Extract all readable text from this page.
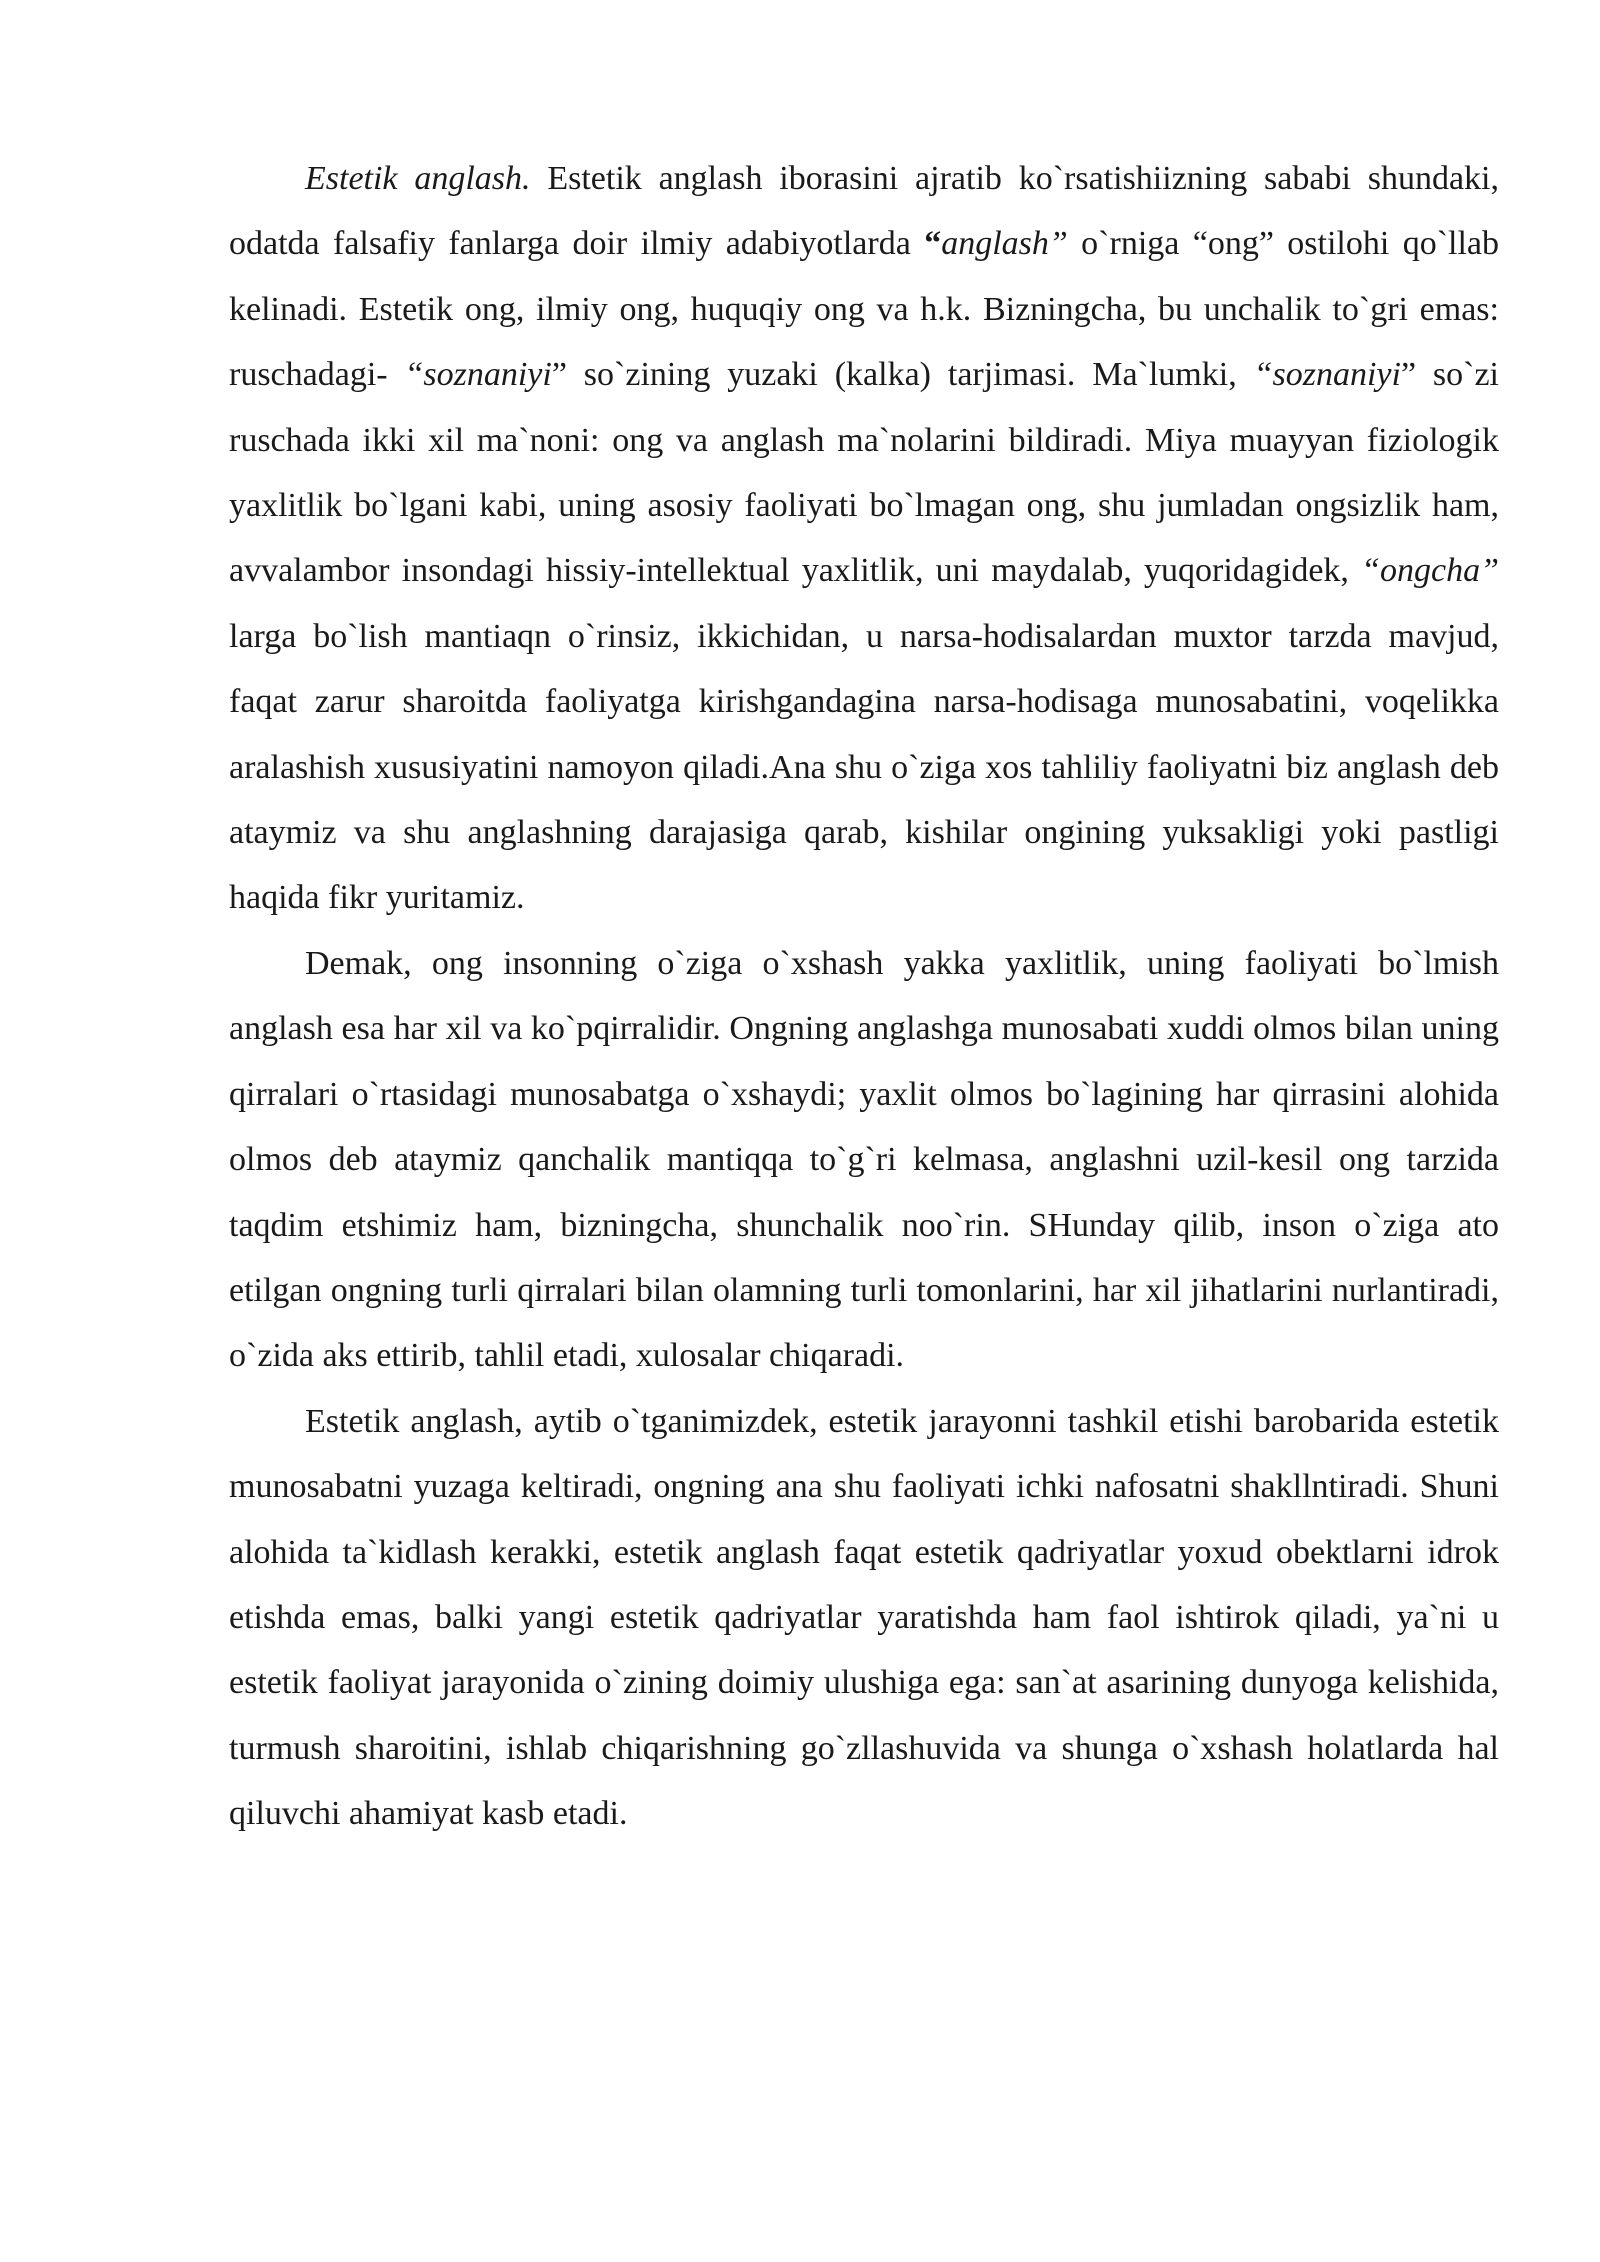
Estetik anglash. Estetik anglash iborasini ajratib ko`rsatishiizning sababi shundaki, odatda falsafiy fanlarga doir ilmiy adabiyotlarda “anglash” o`rniga “ong” ostilohi qo`llab kelinadi. Estetik ong, ilmiy ong, huquqiy ong va h.k. Bizningcha, bu unchalik to`gri emas: ruschadagi- “soznaniyi” so`zining yuzaki (kalka) tarjimasi. Ma`lumki, “soznaniyi” so`zi ruschada ikki xil ma`noni: ong va anglash ma`nolarini bildiradi. Miya muayyan fiziologik yaxlitlik bo`lgani kabi, uning asosiy faoliyati bo`lmagan ong, shu jumladan ongsizlik ham, avvalambor insondagi hissiy-intellektual yaxlitlik, uni maydalab, yuqoridagidek, “ongcha” larga bo`lish mantiaqn o`rinsiz, ikkichidan, u narsa-hodisalardan muxtor tarzda mavjud, faqat zarur sharoitda faoliyatga kirishgandagina narsa-hodisaga munosabatini, voqelikka aralashish xususiyatini namoyon qiladi.Ana shu o`ziga xos tahliliy faoliyatni biz anglash deb ataymiz va shu anglashning darajasiga qarab, kishilar ongining yuksakligi yoki pastligi haqida fikr yuritamiz.

Demak, ong insonning o`ziga o`xshash yakka yaxlitlik, uning faoliyati bo`lmish anglash esa har xil va ko`pqirralidir. Ongning anglashga munosabati xuddi olmos bilan uning qirralari o`rtasidagi munosabatga o`xshaydi; yaxlit olmos bo`lagining har qirrasini alohida olmos deb ataymiz qanchalik mantiqqa to`g`ri kelmasa, anglashni uzil-kesil ong tarzida taqdim etshimiz ham, bizningcha, shunchalik noo`rin. SHunday qilib, inson o`ziga ato etilgan ongning turli qirralari bilan olamning turli tomonlarini, har xil jihatlarini nurlantiradi, o`zida aks ettirib, tahlil etadi, xulosalar chiqaradi.

Estetik anglash, aytib o`tganimizdek, estetik jarayonni tashkil etishi barobarida estetik munosabatni yuzaga keltiradi, ongning ana shu faoliyati ichki nafosatni shakllntiradi. Shuni alohida ta`kidlash kerakki, estetik anglash faqat estetik qadriyatlar yoxud obektlarni idrok etishda emas, balki yangi estetik qadriyatlar yaratishda ham faol ishtirok qiladi, ya`ni u estetik faoliyat jarayonida o`zining doimiy ulushiga ega: san`at asarining dunyoga kelishida, turmush sharoitini, ishlab chiqarishning go`zllashuvida va shunga o`xshash holatlarda hal qiluvchi ahamiyat kasb etadi.
